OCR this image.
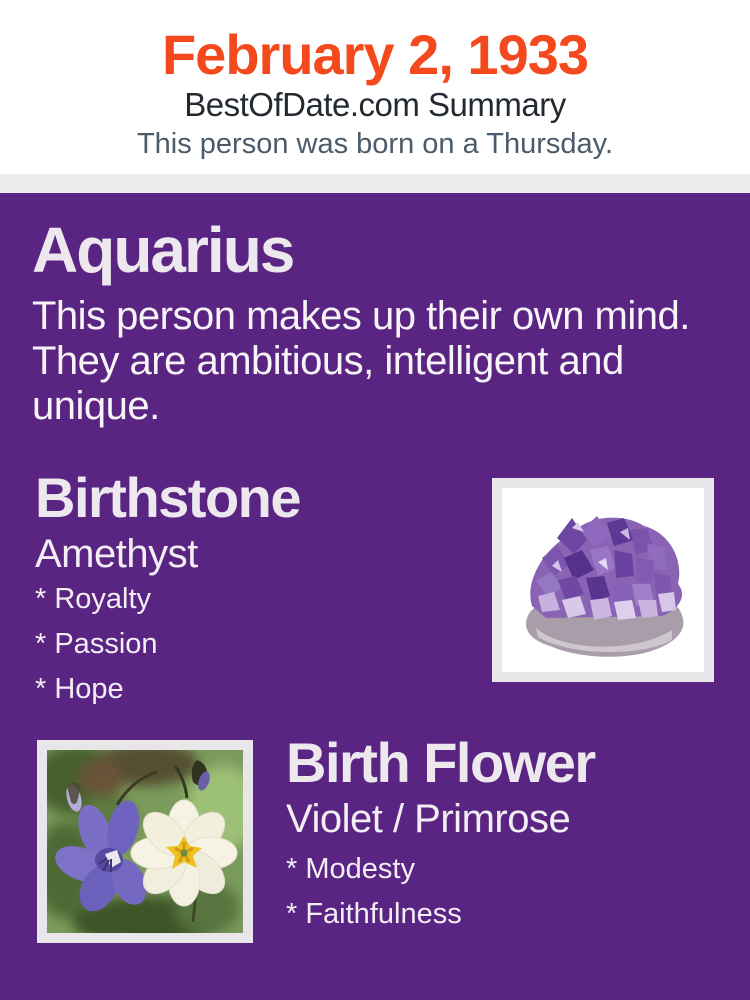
February 2, 1933
BestOfDate.com Summary
This person was born on a Thursday.
Aquarius
This person makes up their own mind. They are ambitious, intelligent and unique.
Birthstone
Amethyst
* Royalty
* Passion
* Hope
Birth Flower
Violet / Primrose
* Modesty
* Faithfulness
